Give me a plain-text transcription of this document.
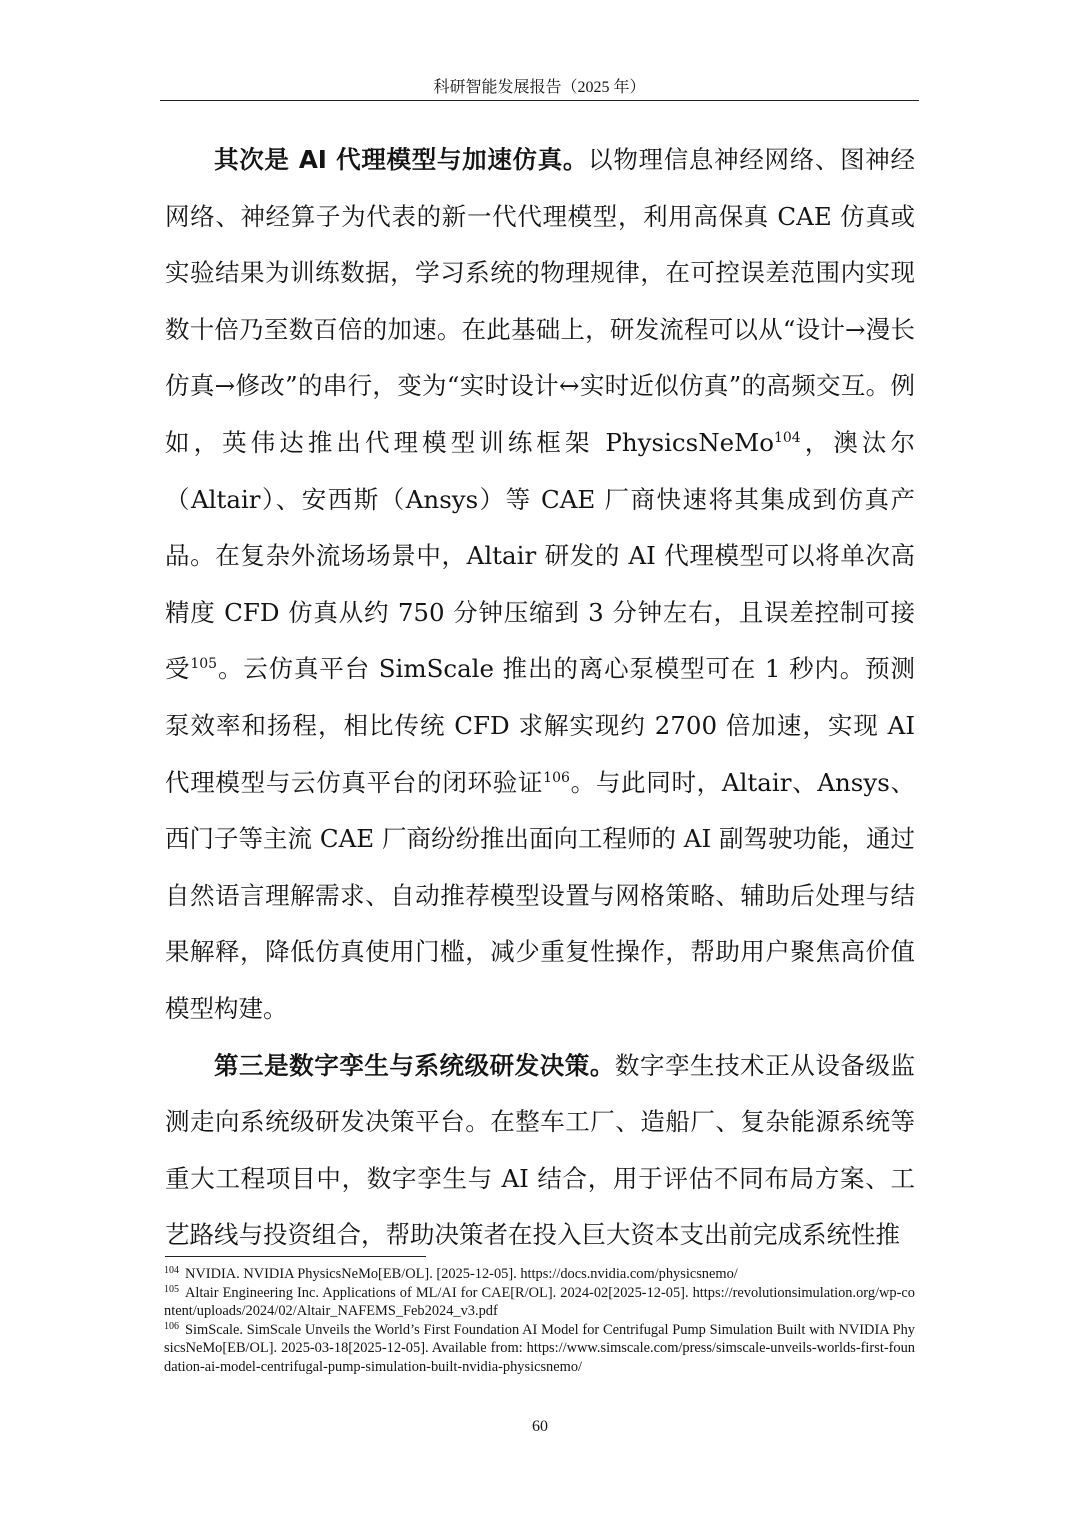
科研智能发展报告（2025 年）

其次是 AI 代理模型与加速仿真。以物理信息神经网络、图神经网络、神经算子为代表的新一代代理模型，利用高保真 CAE 仿真或实验结果为训练数据，学习系统的物理规律，在可控误差范围内实现数十倍乃至数百倍的加速。在此基础上，研发流程可以从“设计→漫长仿真→修改”的串行，变为“实时设计↔实时近似仿真”的高频交互。例如，英伟达推出代理模型训练框架 PhysicsNeMo$^{104}$，澳汰尔（Altair）、安西斯（Ansys）等 CAE 厂商快速将其集成到仿真产品。在复杂外流场场景中，Altair 研发的 AI 代理模型可以将单次高精度 CFD 仿真从约 750 分钟压缩到 3 分钟左右，且误差控制可接受$^{105}$。云仿真平台 SimScale 推出的离心泵模型可在 1 秒内。预测泵效率和扬程，相比传统 CFD 求解实现约 2700 倍加速，实现 AI 代理模型与云仿真平台的闭环验证$^{106}$。与此同时，Altair、Ansys、西门子等主流 CAE 厂商纷纷推出面向工程师的 AI 副驾驶功能，通过自然语言理解需求、自动推荐模型设置与网格策略、辅助后处理与结果解释，降低仿真使用门槛，减少重复性操作，帮助用户聚焦高价值模型构建。

第三是数字孪生与系统级研发决策。数字孪生技术正从设备级监测走向系统级研发决策平台。在整车工厂、造船厂、复杂能源系统等重大工程项目中，数字孪生与 AI 结合，用于评估不同布局方案、工艺路线与投资组合，帮助决策者在投入巨大资本支出前完成系统性推

$^{104}$ NVIDIA. NVIDIA PhysicsNeMo[EB/OL]. [2025-12-05]. https://docs.nvidia.com/physicsnemo/

$^{105}$ Altair Engineering Inc. Applications of ML/AI for CAE[R/OL]. 2024-02[2025-12-05]. https://revolutionsimulation.org/wp-content/uploads/2024/02/Altair_NAFEMS_Feb2024_v3.pdf

$^{106}$ SimScale. SimScale Unveils the World’s First Foundation AI Model for Centrifugal Pump Simulation Built with NVIDIA PhysicsNeMo[EB/OL]. 2025-03-18[2025-12-05]. Available from: https://www.simscale.com/press/simscale-unveils-worlds-first-foundation-ai-model-centrifugal-pump-simulation-built-nvidia-physicsnemo/

60
